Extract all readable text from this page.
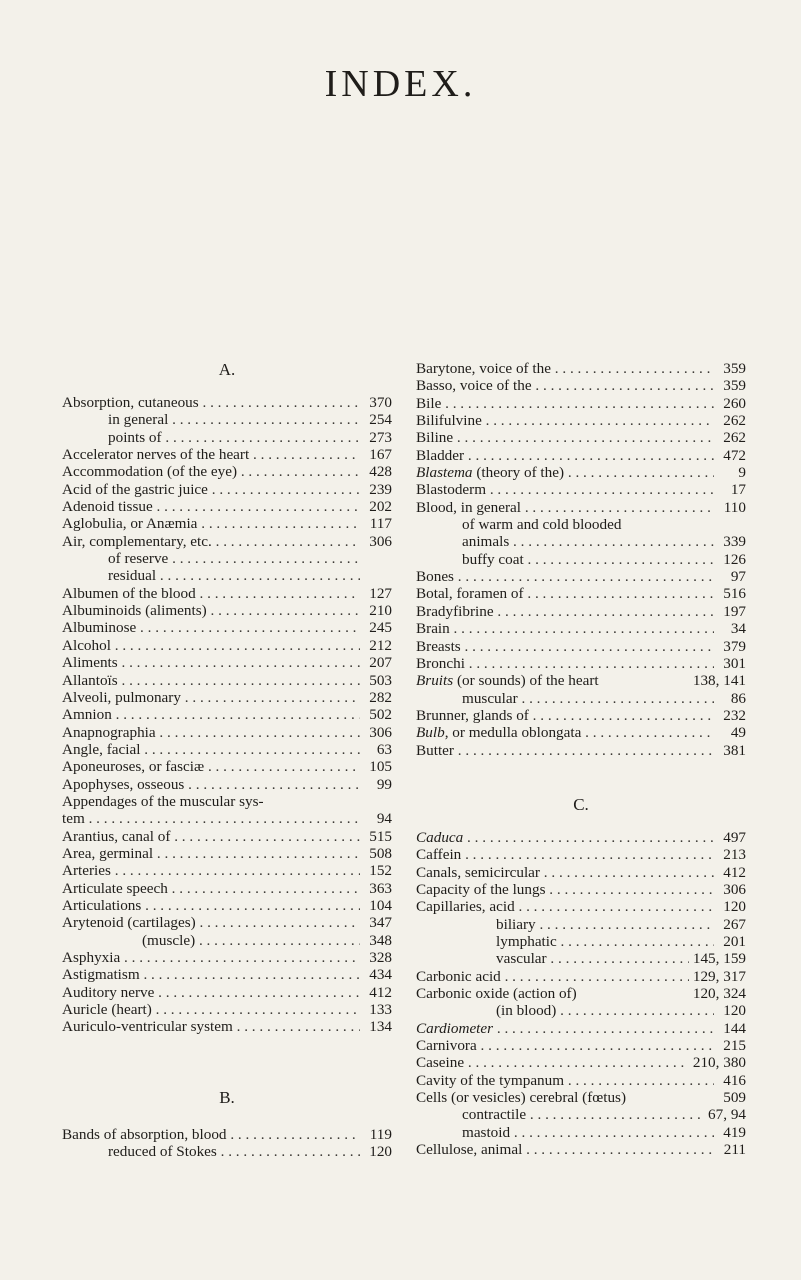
INDEX.

A.

Absorption, cutaneous . . .	370
in general . . .	254
points of . . .	273
Accelerator nerves of the heart . . .	167
Accommodation (of the eye) . . .	428
Acid of the gastric juice . . .	239
Adenoid tissue . . .	202
Aglobulia, or Anæmia . . .	117
Air, complementary, etc. . . .	306
of reserve . . .
residual . . .
Albumen of the blood . . .	127
Albuminoids (aliments) . . .	210
Albuminose . . .	245
Alcohol . . .	212
Aliments . . .	207
Allantoïs . . .	503
Alveoli, pulmonary . . .	282
Amnion . . .	502
Anapnographia . . .	306
Angle, facial . . .	63
Aponeuroses, or fasciæ . . .	105
Apophyses, osseous . . .	99
Appendages of the muscular sys-
tem . . .	94
Arantius, canal of . . .	515
Area, germinal . . .	508
Arteries . . .	152
Articulate speech . . .	363
Articulations . . .	104
Arytenoid (cartilages) . . .	347
(muscle) . . .	348
Asphyxia . . .	328
Astigmatism . . .	434
Auditory nerve . . .	412
Auricle (heart) . . .	133
Auriculo-ventricular system . . .	134

B.

Bands of absorption, blood . . .	119
reduced of Stokes . . .	120
Barytone, voice of the . . .	359
Basso, voice of the . . .	359
Bile . . .	260
Bilifulvine . . .	262
Biline . . .	262
Bladder . . .	472
Blastema (theory of the) . . .	9
Blastoderm . . .	17
Blood, in general . . .	110
of warm and cold blooded
animals . . .	339
buffy coat . . .	126
Bones . . .	97
Botal, foramen of . . .	516
Bradyfibrine . . .	197
Brain . . .	34
Breasts . . .	379
Bronchi . . .	301
Bruits (or sounds) of the heart	138, 141
muscular . . .	86
Brunner, glands of . . .	232
Bulb, or medulla oblongata . . .	49
Butter . . .	381

C.

Caduca . . .	497
Caffein . . .	213
Canals, semicircular . . .	412
Capacity of the lungs . . .	306
Capillaries, acid . . .	120
biliary . . .	267
lymphatic . . .	201
vascular . . .	145, 159
Carbonic acid . . .	129, 317
Carbonic oxide (action of)	120, 324
(in blood) . . .	120
Cardiometer . . .	144
Carnivora . . .	215
Caseine . . .	210, 380
Cavity of the tympanum . . .	416
Cells (or vesicles) cerebral (fœtus)	509
contractile . . .	67, 94
mastoid . . .	419
Cellulose, animal . . .	211
